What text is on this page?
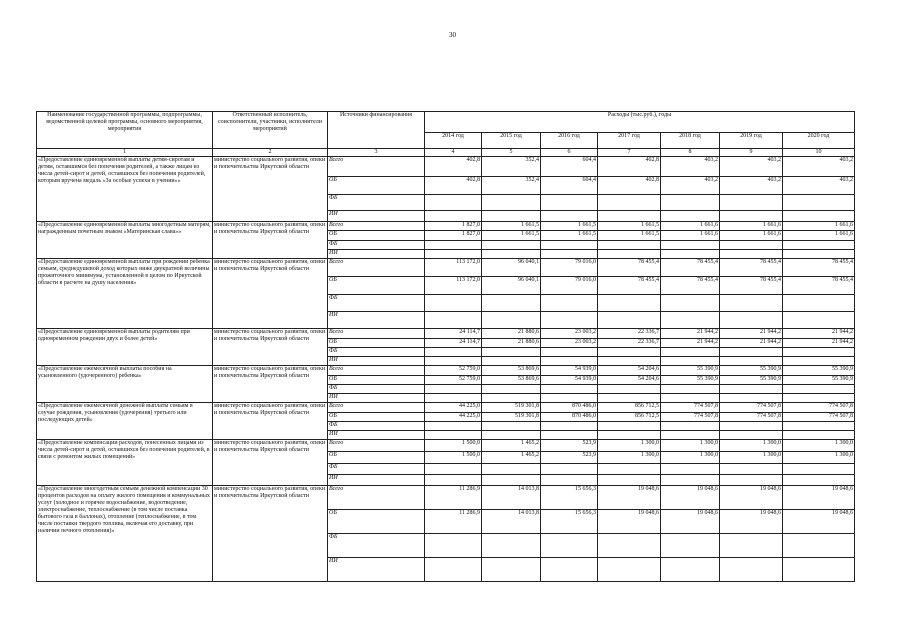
30
Наименование государственной программы, подпрограммы, ведомственной целевой программы, основного мероприятия, мероприятия	Ответственный исполнитель, соисполнители, участники, исполнители мероприятий	Источники финансирования	Расходы (тыс.руб.), годы						
			2014 год	2015 год	2016 год	2017 год	2018 год	2019 год	2020 год
1	2	3	4	5	6	7	8	9	10
«Предоставление единовременной выплаты детям-сиротам и детям, оставшимся без попечения родителей, а также лицам из числа детей-сирот и детей, оставшихся без попечения родителей, которым вручена медаль «За особые успехи в учении»»	министерство социального развития, опеки и попечительства Иркутской области	Всего	402,8	352,4	604,4	402,8	403,2	403,2	403,2
		ОБ	402,8	352,4	604,4	402,8	403,2	403,2	403,2
		ФБ							
		ИИ							
«Предоставление единовременной выплаты многодетным матерям, награжденным почетным знаком «Материнская слава»»	министерство социального развития, опеки и попечительства Иркутской области	Всего	1 827,0	1 661,5	1 661,5	1 661,5	1 661,6	1 661,6	1 661,6
		ОБ	1 827,0	1 661,5	1 661,5	1 661,5	1 661,6	1 661,6	1 661,6
		ФБ							
		ИИ							
«Предоставление единовременной выплаты при рождении ребенка семьям, среднедушевой доход которых ниже двукратной величины прожиточного минимума, установленной в целом по Иркутской области в расчете на душу населения»	министерство социального развития, опеки и попечительства Иркутской области	Всего	113 172,0	96 040,1	79 016,0	78 455,4	78 455,4	78 455,4	78 455,4
		ОБ	113 172,0	96 040,1	79 016,0	78 455,4	78 455,4	78 455,4	78 455,4
		ФБ							
		ИИ							
«Предоставление единовременной выплаты родителям при одновременном рождении двух и более детей»	министерство социального развития, опеки и попечительства Иркутской области	Всего	24 114,7	21 880,6	23 003,2	22 336,7	21 944,2	21 944,2	21 944,2
		ОБ	24 114,7	21 880,6	23 003,2	22 336,7	21 944,2	21 944,2	21 944,2
		ФБ							
		ИИ							
«Предоставление ежемесячной выплаты пособия на усыновленного (удочеренного) ребенка»	министерство социального развития, опеки и попечительства Иркутской области	Всего	52 759,0	53 869,6	54 939,0	54 204,6	55 390,9	55 390,9	55 390,9
		ОБ	52 759,0	53 869,6	54 939,0	54 204,6	55 390,9	55 390,9	55 390,9
		ФБ							
		ИИ							
«Предоставление ежемесячной денежной выплаты семьям в случае рождения, усыновления (удочерения) третьего или последующих детей»	министерство социального развития, опеки и попечительства Иркутской области	Всего	44 225,0	519 301,8	870 486,0	856 712,5	774 507,8	774 507,8	774 507,8
		ОБ	44 225,0	519 301,8	870 486,0	856 712,5	774 507,8	774 507,8	774 507,8
		ФБ							
		ИИ							
«Предоставление компенсации расходов, понесенных лицами из числа детей-сирот и детей, оставшихся без попечения родителей, в связи с ремонтом жилых помещений»	министерство социального развития, опеки и попечительства Иркутской области	Всего	1 500,0	1 465,2	523,9	1 300,0	1 300,0	1 300,0	1 300,0
		ОБ	1 500,0	1 465,2	523,9	1 300,0	1 300,0	1 300,0	1 300,0
		ФБ							
		ИИ							
«Предоставление многодетным семьям денежной компенсации 30 процентов расходов на оплату жилого помещения и коммунальных услуг (холодное и горячее водоснабжение, водоотведение, электроснабжение, теплоснабжение (в том числе поставка бытового газа в баллонах), отопление (теплоснабжение, в том числе поставки твердого топлива, включая его доставку, при наличии печного отопления)»	министерство социального развития, опеки и попечительства Иркутской области	Всего	11 286,9	14 013,8	15 656,3	19 048,6	19 048,6	19 048,6	19 048,6
		ОБ	11 286,9	14 013,8	15 656,3	19 048,6	19 048,6	19 048,6	19 048,6
		ФБ							
		ИИ							
